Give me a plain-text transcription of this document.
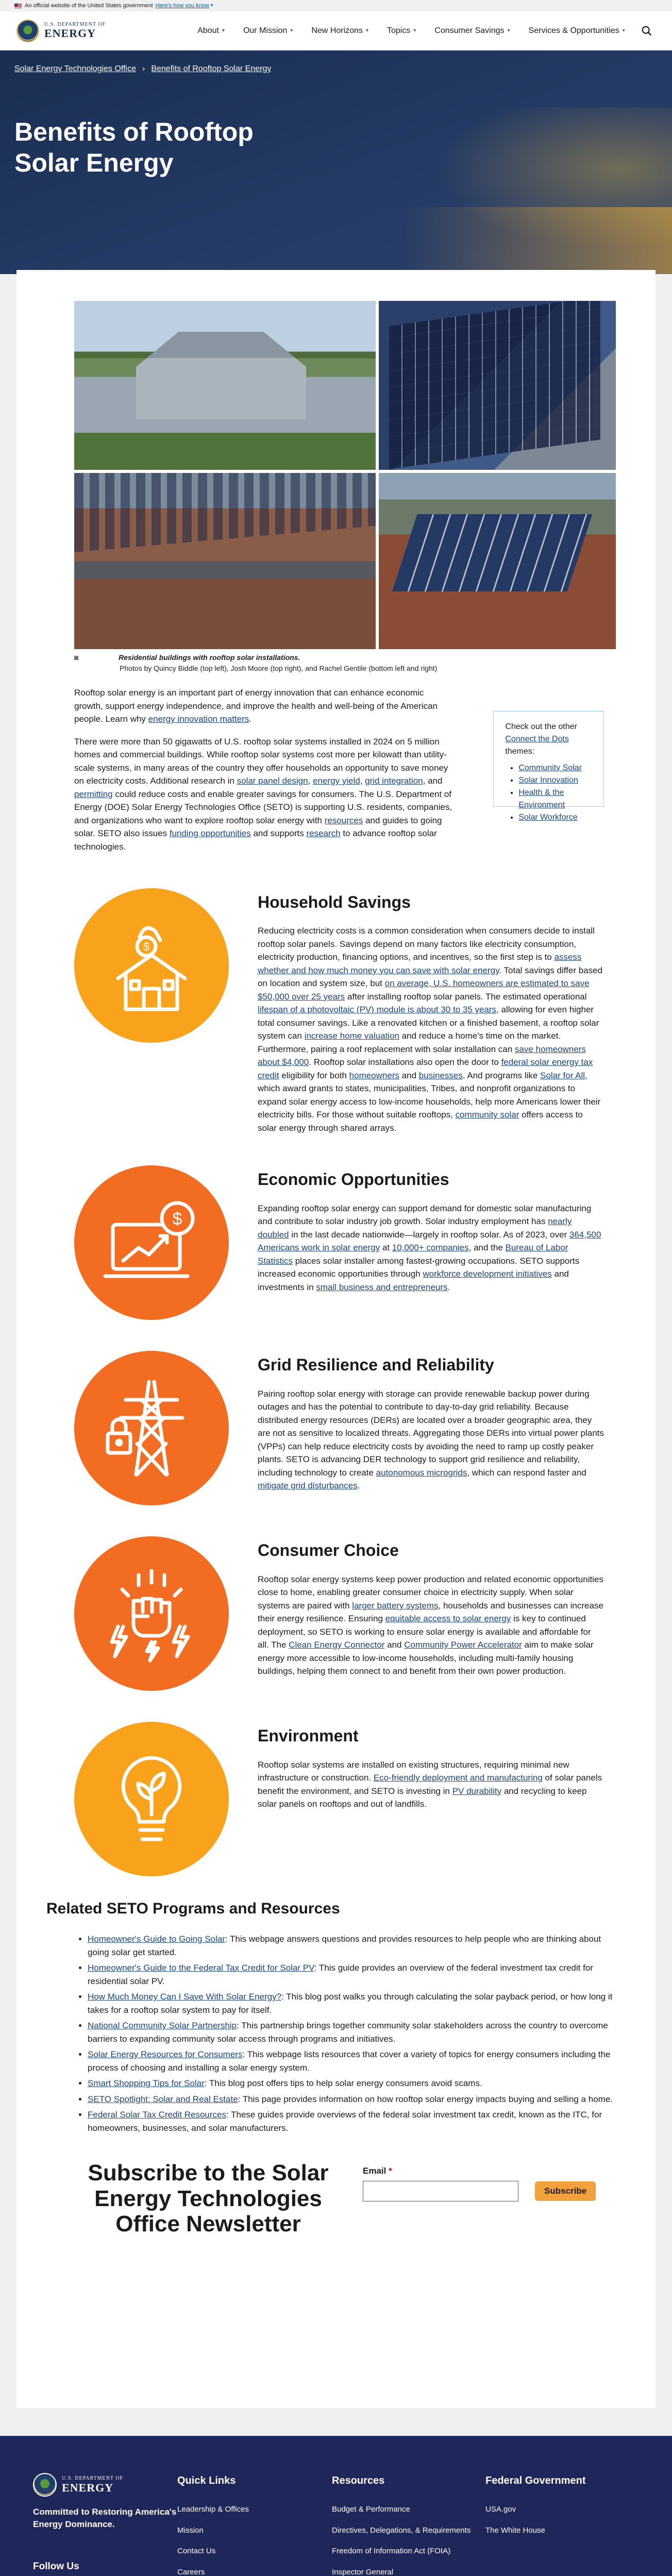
An official website of the United States government Here's how you know ▾
U.S. DEPARTMENT OF
ENERGY	About ▾ Our Mission ▾ New Horizons ▾ Topics ▾ Consumer Savings ▾ Services & Opportunities ▾
Solar Energy Technologies Office › Benefits of Rooftop Solar Energy
Benefits of Rooftop Solar Energy
◙	Residential buildings with rooftop solar installations.
Photos by Quincy Biddle (top left), Josh Moore (top right), and Rachel Gentile (bottom left and right)

Rooftop solar energy is an important part of energy innovation that can enhance economic growth, support energy independence, and improve the health and well-being of the American people. Learn why energy innovation matters.

There were more than 50 gigawatts of U.S. rooftop solar systems installed in 2024 on 5 million homes and commercial buildings. While rooftop solar systems cost more per kilowatt than utility-scale systems, in many areas of the country they offer households an opportunity to save money on electricity costs. Additional research in solar panel design, energy yield, grid integration, and permitting could reduce costs and enable greater savings for consumers. The U.S. Department of Energy (DOE) Solar Energy Technologies Office (SETO) is supporting U.S. residents, companies, and organizations who want to explore rooftop solar energy with resources and guides to going solar. SETO also issues funding opportunities and supports research to advance rooftop solar technologies.

Check out the other
Connect the Dots
themes:
• Community Solar
• Solar Innovation
• Health & the Environment
• Solar Workforce
$
Household Savings

Reducing electricity costs is a common consideration when consumers decide to install rooftop solar panels. Savings depend on many factors like electricity consumption, electricity production, financing options, and incentives, so the first step is to assess whether and how much money you can save with solar energy. Total savings differ based on location and system size, but on average, U.S. homeowners are estimated to save $50,000 over 25 years after installing rooftop solar panels. The estimated operational lifespan of a photovoltaic (PV) module is about 30 to 35 years, allowing for even higher total consumer savings. Like a renovated kitchen or a finished basement, a rooftop solar system can increase home valuation and reduce a home's time on the market. Furthermore, pairing a roof replacement with solar installation can save homeowners about $4,000. Rooftop solar installations also open the door to federal solar energy tax credit eligibility for both homeowners and businesses. And programs like Solar for All, which award grants to states, municipalities, Tribes, and nonprofit organizations to expand solar energy access to low-income households, help more Americans lower their electricity bills. For those without suitable rooftops, community solar offers access to solar energy through shared arrays.

$
Economic Opportunities

Expanding rooftop solar energy can support demand for domestic solar manufacturing and contribute to solar industry job growth. Solar industry employment has nearly doubled in the last decade nationwide—largely in rooftop solar. As of 2023, over 364,500 Americans work in solar energy at 10,000+ companies, and the Bureau of Labor Statistics places solar installer among fastest-growing occupations. SETO supports increased economic opportunities through workforce development initiatives and investments in small business and entrepreneurs.

Grid Resilience and Reliability

Pairing rooftop solar energy with storage can provide renewable backup power during outages and has the potential to contribute to day-to-day grid reliability. Because distributed energy resources (DERs) are located over a broader geographic area, they are not as sensitive to localized threats. Aggregating those DERs into virtual power plants (VPPs) can help reduce electricity costs by avoiding the need to ramp up costly peaker plants. SETO is advancing DER technology to support grid resilience and reliability, including technology to create autonomous microgrids, which can respond faster and mitigate grid disturbances.

Consumer Choice

Rooftop solar energy systems keep power production and related economic opportunities close to home, enabling greater consumer choice in electricity supply. When solar systems are paired with larger battery systems, households and businesses can increase their energy resilience. Ensuring equitable access to solar energy is key to continued deployment, so SETO is working to ensure solar energy is available and affordable for all. The Clean Energy Connector and Community Power Accelerator aim to make solar energy more accessible to low-income households, including multi-family housing buildings, helping them connect to and benefit from their own power production.

Environment

Rooftop solar systems are installed on existing structures, requiring minimal new infrastructure or construction. Eco-friendly deployment and manufacturing of solar panels benefit the environment, and SETO is investing in PV durability and recycling to keep solar panels on rooftops and out of landfills.

Related SETO Programs and Resources
• Homeowner's Guide to Going Solar: This webpage answers questions and provides resources to help people who are thinking about going solar get started.
• Homeowner's Guide to the Federal Tax Credit for Solar PV: This guide provides an overview of the federal investment tax credit for residential solar PV.
• How Much Money Can I Save With Solar Energy?: This blog post walks you through calculating the solar payback period, or how long it takes for a rooftop solar system to pay for itself.
• National Community Solar Partnership: This partnership brings together community solar stakeholders across the country to overcome barriers to expanding community solar access through programs and initiatives.
• Solar Energy Resources for Consumers: This webpage lists resources that cover a variety of topics for energy consumers including the process of choosing and installing a solar energy system.
• Smart Shopping Tips for Solar: This blog post offers tips to help solar energy consumers avoid scams.
• SETO Spotlight: Solar and Real Estate: This page provides information on how rooftop solar energy impacts buying and selling a home.
• Federal Solar Tax Credit Resources: These guides provide overviews of the federal solar investment tax credit, known as the ITC, for homeowners, businesses, and solar manufacturers.
Subscribe to the Solar Energy Technologies Office Newsletter
Email *
Subscribe
U.S. DEPARTMENT OF
ENERGY
Committed to Restoring America's Energy Dominance.
Follow Us
Quick Links
Leadership & Offices
Mission
Contact Us
Careers
Resources
Budget & Performance
Directives, Delegations, & Requirements
Freedom of Information Act (FOIA)
Inspector General
Federal Government
USA.gov
The White House
